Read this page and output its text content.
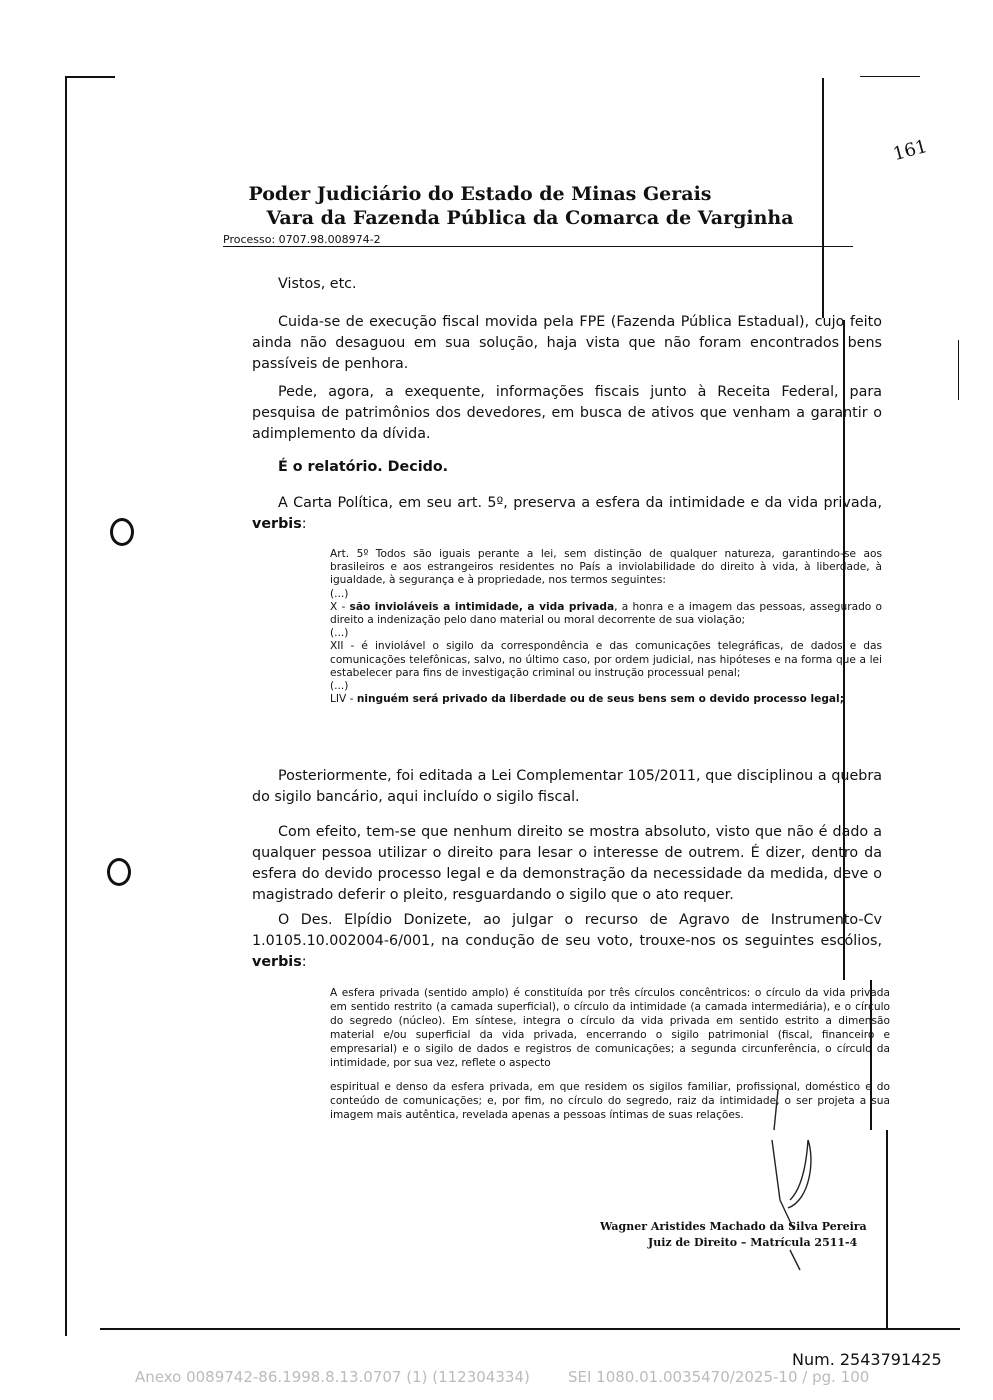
161
Poder Judiciário do Estado de Minas Gerais
Vara da Fazenda Pública da Comarca de Varginha
Processo: 0707.98.008974-2
Vistos, etc.
Cuida-se de execução fiscal movida pela FPE (Fazenda Pública Estadual), cujo feito ainda não desaguou em sua solução, haja vista que não foram encontrados bens passíveis de penhora.
Pede, agora, a exequente, informações fiscais junto à Receita Federal, para pesquisa de patrimônios dos devedores, em busca de ativos que venham a garantir o adimplemento da dívida.
É o relatório. Decido.
A Carta Política, em seu art. 5º, preserva a esfera da intimidade e da vida privada, verbis:
Art. 5º Todos são iguais perante a lei, sem distinção de qualquer natureza, garantindo-se aos brasileiros e aos estrangeiros residentes no País a inviolabilidade do direito à vida, à liberdade, à igualdade, à segurança e à propriedade, nos termos seguintes:
(...)
X - são invioláveis a intimidade, a vida privada, a honra e a imagem das pessoas, assegurado o direito a indenização pelo dano material ou moral decorrente de sua violação;
(...)
XII - é inviolável o sigilo da correspondência e das comunicações telegráficas, de dados e das comunicações telefônicas, salvo, no último caso, por ordem judicial, nas hipóteses e na forma que a lei estabelecer para fins de investigação criminal ou instrução processual penal;
(...)
LIV - ninguém será privado da liberdade ou de seus bens sem o devido processo legal;
Posteriormente, foi editada a Lei Complementar 105/2011, que disciplinou a quebra do sigilo bancário, aqui incluído o sigilo fiscal.
Com efeito, tem-se que nenhum direito se mostra absoluto, visto que não é dado a qualquer pessoa utilizar o direito para lesar o interesse de outrem. É dizer, dentro da esfera do devido processo legal e da demonstração da necessidade da medida, deve o magistrado deferir o pleito, resguardando o sigilo que o ato requer.
O Des. Elpídio Donizete, ao julgar o recurso de Agravo de Instrumento-Cv 1.0105.10.002004-6/001, na condução de seu voto, trouxe-nos os seguintes escólios, verbis:
A esfera privada (sentido amplo) é constituída por três círculos concêntricos: o círculo da vida privada em sentido restrito (a camada superficial), o círculo da intimidade (a camada intermediária), e o círculo do segredo (núcleo). Em síntese, integra o círculo da vida privada em sentido estrito a dimensão material e/ou superficial da vida privada, encerrando o sigilo patrimonial (fiscal, financeiro e empresarial) e o sigilo de dados e registros de comunicações; a segunda circunferência, o círculo da intimidade, por sua vez, reflete o aspecto
espiritual e denso da esfera privada, em que residem os sigilos familiar, profissional, doméstico e do conteúdo de comunicações; e, por fim, no círculo do segredo, raiz da intimidade, o ser projeta a sua imagem mais autêntica, revelada apenas a pessoas íntimas de suas relações.
Wagner Aristides Machado da Silva Pereira
Juiz de Direito – Matrícula 2511-4
Num. 2543791425
Anexo 0089742-86.1998.8.13.0707 (1) (112304334)        SEI 1080.01.0035470/2025-10 / pg. 100
